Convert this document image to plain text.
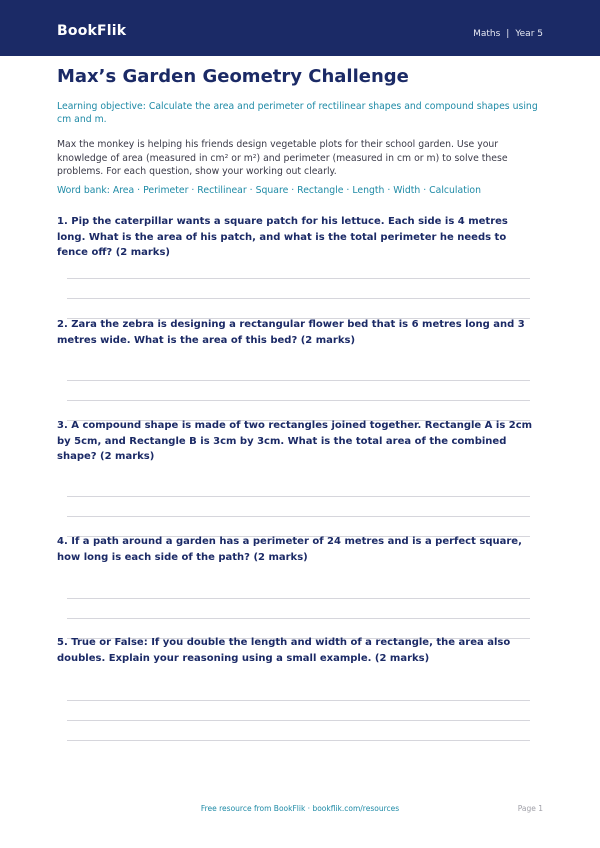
BookFlik	Maths | Year 5
Max’s Garden Geometry Challenge
Learning objective: Calculate the area and perimeter of rectilinear shapes and compound shapes using cm and m.
Max the monkey is helping his friends design vegetable plots for their school garden. Use your knowledge of area (measured in cm² or m²) and perimeter (measured in cm or m) to solve these problems. For each question, show your working out clearly.
Word bank: Area · Perimeter · Rectilinear · Square · Rectangle · Length · Width · Calculation

1. Pip the caterpillar wants a square patch for his lettuce. Each side is 4 metres long. What is the area of his patch, and what is the total perimeter he needs to fence off? (2 marks)

2. Zara the zebra is designing a rectangular flower bed that is 6 metres long and 3 metres wide. What is the area of this bed? (2 marks)

3. A compound shape is made of two rectangles joined together. Rectangle A is 2cm by 5cm, and Rectangle B is 3cm by 3cm. What is the total area of the combined shape? (2 marks)

4. If a path around a garden has a perimeter of 24 metres and is a perfect square, how long is each side of the path? (2 marks)

5. True or False: If you double the length and width of a rectangle, the area also doubles. Explain your reasoning using a small example. (2 marks)

Free resource from BookFlik · bookflik.com/resources	Page 1
